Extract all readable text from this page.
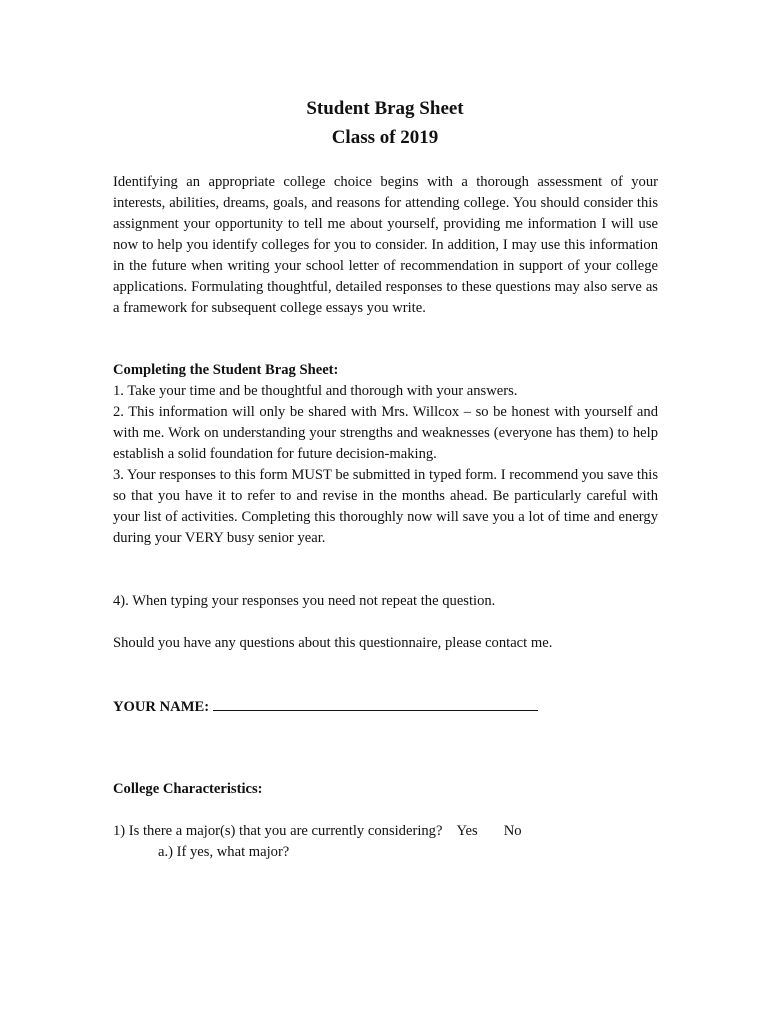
Student Brag Sheet
Class of 2019

Identifying an appropriate college choice begins with a thorough assessment of your interests, abilities, dreams, goals, and reasons for attending college. You should consider this assignment your opportunity to tell me about yourself, providing me information I will use now to help you identify colleges for you to consider. In addition, I may use this information in the future when writing your school letter of recommendation in support of your college applications. Formulating thoughtful, detailed responses to these questions may also serve as a framework for subsequent college essays you write.

Completing the Student Brag Sheet:
1. Take your time and be thoughtful and thorough with your answers.
2. This information will only be shared with Mrs. Willcox – so be honest with yourself and with me. Work on understanding your strengths and weaknesses (everyone has them) to help establish a solid foundation for future decision-making.
3. Your responses to this form MUST be submitted in typed form. I recommend you save this so that you have it to refer to and revise in the months ahead. Be particularly careful with your list of activities. Completing this thoroughly now will save you a lot of time and energy during your VERY busy senior year.
4). When typing your responses you need not repeat the question.
Should you have any questions about this questionnaire, please contact me.
YOUR NAME:
College Characteristics:
1) Is there a major(s) that you are currently considering? Yes No
a.) If yes, what major?
